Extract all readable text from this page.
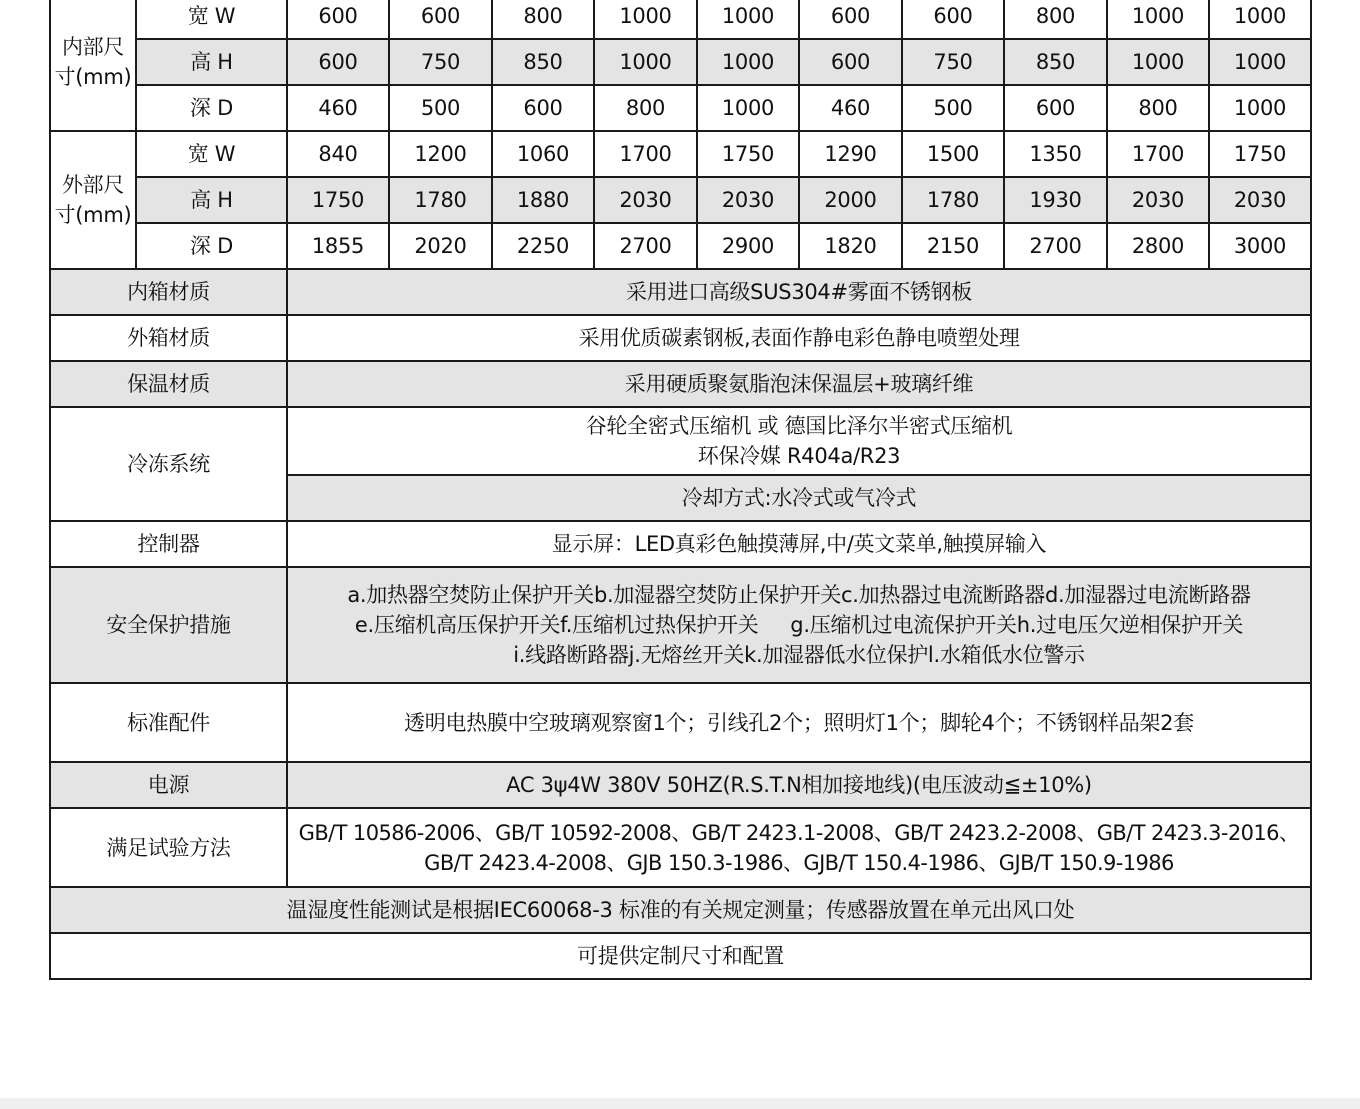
内部尺
寸(mm)	宽 W	600	600	800	1000	1000	600	600	800	1000	1000
	高 H	600	750	850	1000	1000	600	750	850	1000	1000
	深 D	460	500	600	800	1000	460	500	600	800	1000
外部尺
寸(mm)	宽 W	840	1200	1060	1700	1750	1290	1500	1350	1700	1750
	高 H	1750	1780	1880	2030	2030	2000	1780	1930	2030	2030
	深 D	1855	2020	2250	2700	2900	1820	2150	2700	2800	3000
内箱材质		采用进口高级SUS304#雾面不锈钢板									
外箱材质		采用优质碳素钢板,表面作静电彩色静电喷塑处理									
保温材质		采用硬质聚氨脂泡沫保温层+玻璃纤维									
冷冻系统		谷轮全密式压缩机 或 德国比泽尔半密式压缩机
环保冷媒 R404a/R23									

		冷却方式:水冷式或气冷式									
控制器		显示屏：LED真彩色触摸薄屏,中/英文菜单,触摸屏输入									
安全保护措施		a.加热器空焚防止保护开关b.加湿器空焚防止保护开关c.加热器过电流断路器d.加湿器过电流断路器
e.压缩机高压保护开关f.压缩机过热保护开关     g.压缩机过电流保护开关h.过电压欠逆相保护开关
i.线路断路器j.无熔丝开关k.加湿器低水位保护l.水箱低水位警示									

标准配件		透明电热膜中空玻璃观察窗1个；引线孔2个；照明灯1个；脚轮4个；不锈钢样品架2套									
电源		AC 3ψ4W 380V 50HZ(R.S.T.N相加接地线)(电压波动≦±10%)									
满足试验方法		GB/T 10586-2006、GB/T 10592-2008、GB/T 2423.1-2008、GB/T 2423.2-2008、GB/T 2423.3-2016、
GB/T 2423.4-2008、GJB 150.3-1986、GJB/T 150.4-1986、GJB/T 150.9-1986									

温湿度性能测试是根据IEC60068-3 标准的有关规定测量；传感器放置在单元出风口处											
可提供定制尺寸和配置											
